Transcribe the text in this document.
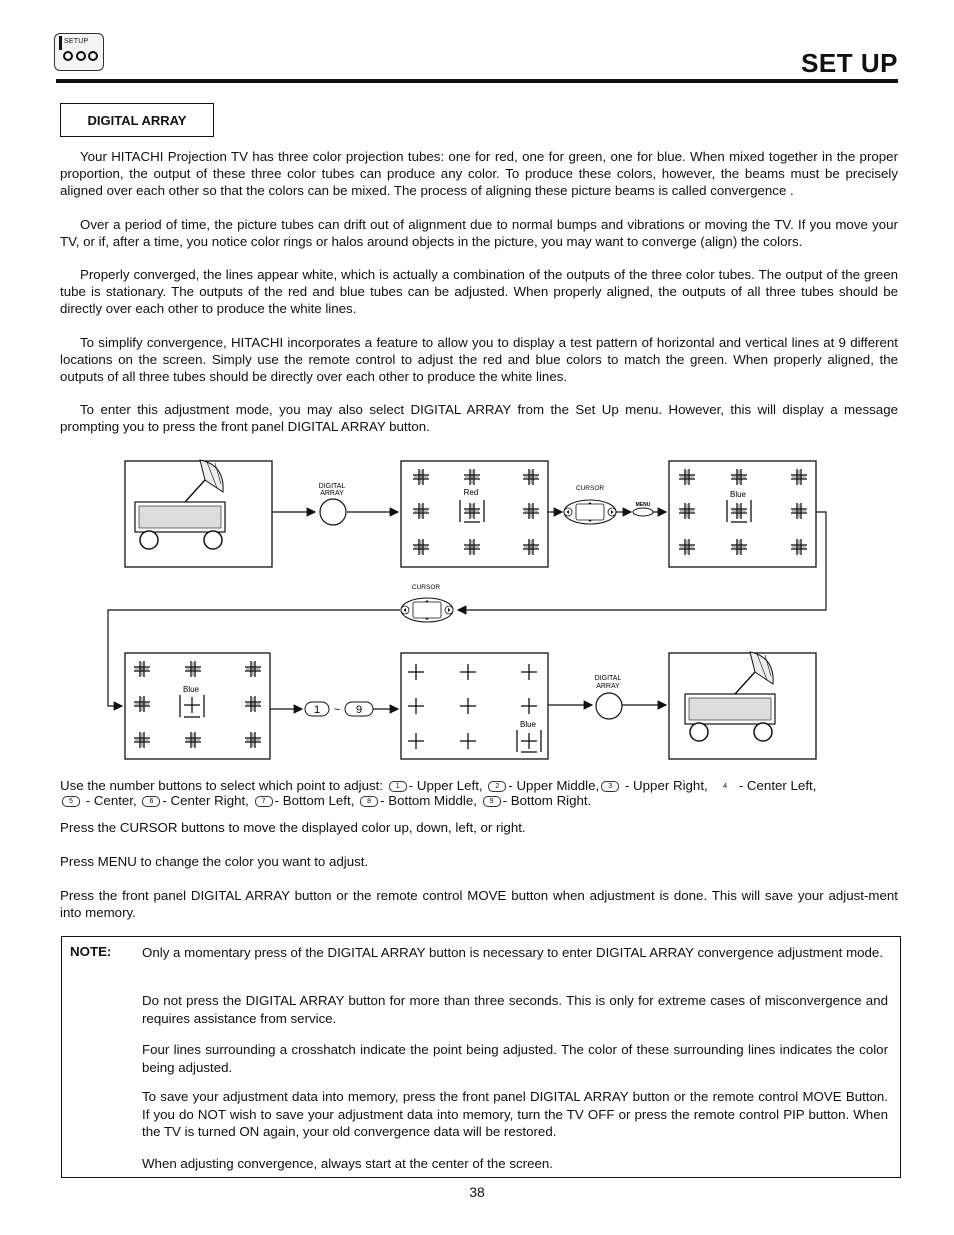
SETUP
SET UP
DIGITAL ARRAY

Your HITACHI Projection TV has three color projection tubes: one for red, one for green, one for blue. When mixed together in the proper proportion, the output of these three color tubes can produce any color. To produce these colors, however, the beams must be precisely aligned over each other so that the colors can be mixed. The process of aligning these picture beams is called convergence .

Over a period of time, the picture tubes can drift out of alignment due to normal bumps and vibrations or moving the TV. If you move your TV, or if, after a time, you notice color rings or halos around objects in the picture, you may want to converge (align) the colors.

Properly converged, the lines appear white, which is actually a combination of the outputs of the three color tubes. The output of the green tube is stationary. The outputs of the red and blue tubes can be adjusted. When properly aligned, the outputs of all three tubes should be directly over each other to produce the white lines.

To simplify convergence, HITACHI incorporates a feature to allow you to display a test pattern of horizontal and vertical lines at 9 different locations on the screen. Simply use the remote control to adjust the red and blue colors to match the green. When properly aligned, the outputs of all three tubes should be directly over each other to produce the white lines.

To enter this adjustment mode, you may also select DIGITAL ARRAY from the Set Up menu. However, this will display a message prompting you to press the front panel DIGITAL ARRAY button.

DIGITAL
ARRAY	Red	CURSOR
MENU
Blue
CURSOR
Blue
1 ~ 9
Blue
DIGITAL
ARRAY
Use the number buttons to select which point to adjust: 1 - Upper Left, 2 - Upper Middle, 3 - Upper Right, 4 - Center Left,
5 - Center, 6 - Center Right, 7 - Bottom Left, 8 - Bottom Middle, 9 - Bottom Right.

Press the CURSOR buttons to move the displayed color up, down, left, or right.

Press MENU to change the color you want to adjust.

Press the front panel DIGITAL ARRAY button or the remote control MOVE button when adjustment is done. This will save your adjust-ment into memory.

NOTE: Only a momentary press of the DIGITAL ARRAY button is necessary to enter DIGITAL ARRAY convergence adjustment mode.

Do not press the DIGITAL ARRAY button for more than three seconds. This is only for extreme cases of misconvergence and requires assistance from service.

Four lines surrounding a crosshatch indicate the point being adjusted. The color of these surrounding lines indicates the color being adjusted.

To save your adjustment data into memory, press the front panel DIGITAL ARRAY button or the remote control MOVE Button. If you do NOT wish to save your adjustment data into memory, turn the TV OFF or press the remote control PIP button. When the TV is turned ON again, your old convergence data will be restored.

When adjusting convergence, always start at the center of the screen.

38
